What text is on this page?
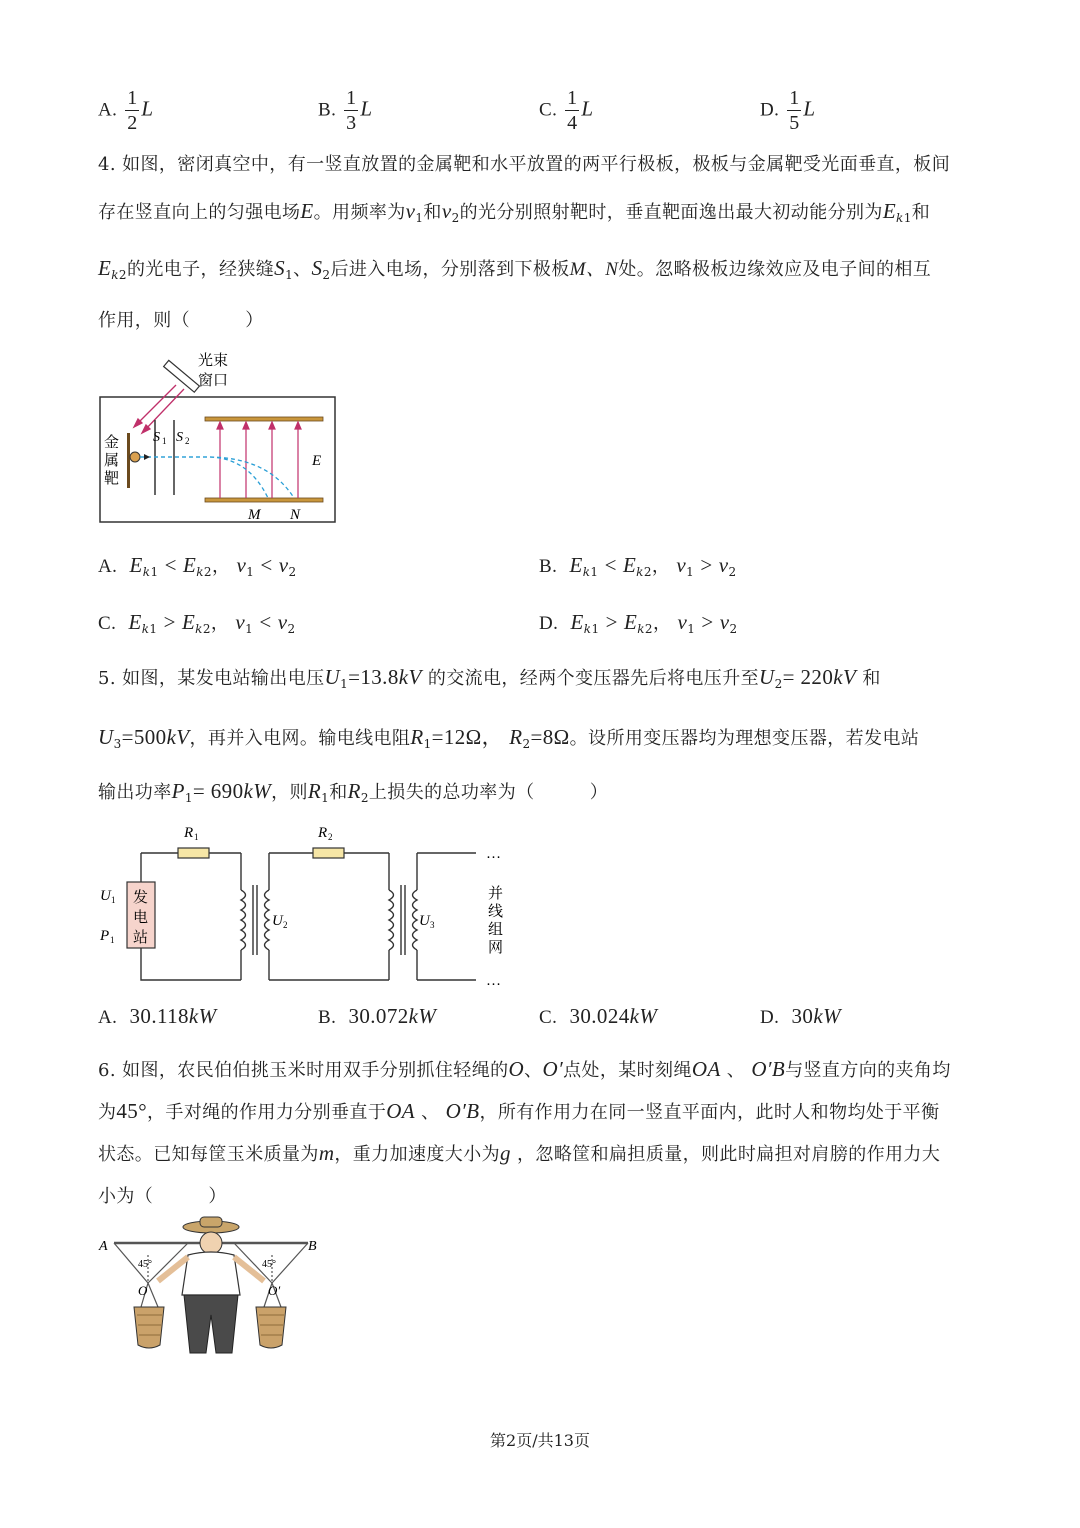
A. $\frac{1}{2}$ L	B. $\frac{1}{3}$ L	C. $\frac{1}{4}$ L	D. $\frac{1}{5}$ L
4. 如图，密闭真空中，有一竖直放置的金属靶和水平放置的两平行极板，极板与金属靶受光面垂直，板间
存在竖直向上的匀强电场E。用频率为$\nu_1$和$\nu_2$的光分别照射靶时，垂直靶面逸出最大初动能分别为$E_{k1}$和
$E_{k2}$的光电子，经狭缝$S_1$、$S_2$后进入电场，分别落到下极板M、N处。忽略极板边缘效应及电子间的相互
作用，则（　　　）
光束
窗口
金
属
靶
S 1 S 2
E
M N
A. $E_{k1} < E_{k2}$， $\nu_1 < \nu_2$	B. $E_{k1} < E_{k2}$， $\nu_1 > \nu_2$
C. $E_{k1} > E_{k2}$， $\nu_1 < \nu_2$	D. $E_{k1} > E_{k2}$， $\nu_1 > \nu_2$
5. 如图，某发电站输出电压$U_1=13.8kV$ 的交流电，经两个变压器先后将电压升至$U_2= 220kV$ 和
$U_3=500kV$，再并入电网。输电线电阻$R_1=12\Omega$， $R_2=8\Omega$。设所用变压器均为理想变压器，若发电站
输出功率$P_1= 690kW$，则$R_1$和$R_2$上损失的总功率为（　　　）
R 1	R 2
发
电
站
U 1
P 1
U 2	U 3
…
…
并
线
组
网
A. 30.118kW	B. 30.072kW	C. 30.024kW	D. 30kW
6. 如图，农民伯伯挑玉米时用双手分别抓住轻绳的O、O′点处，某时刻绳OA 、 O′B与竖直方向的夹角均
为45°，手对绳的作用力分别垂直于OA 、 O′B，所有作用力在同一竖直平面内，此时人和物均处于平衡
状态。已知每筐玉米质量为m，重力加速度大小为g ，忽略筐和扁担质量，则此时扁担对肩膀的作用力大
小为（　　　）
A	B
O	O′
45°	45°
第2页/共13页
